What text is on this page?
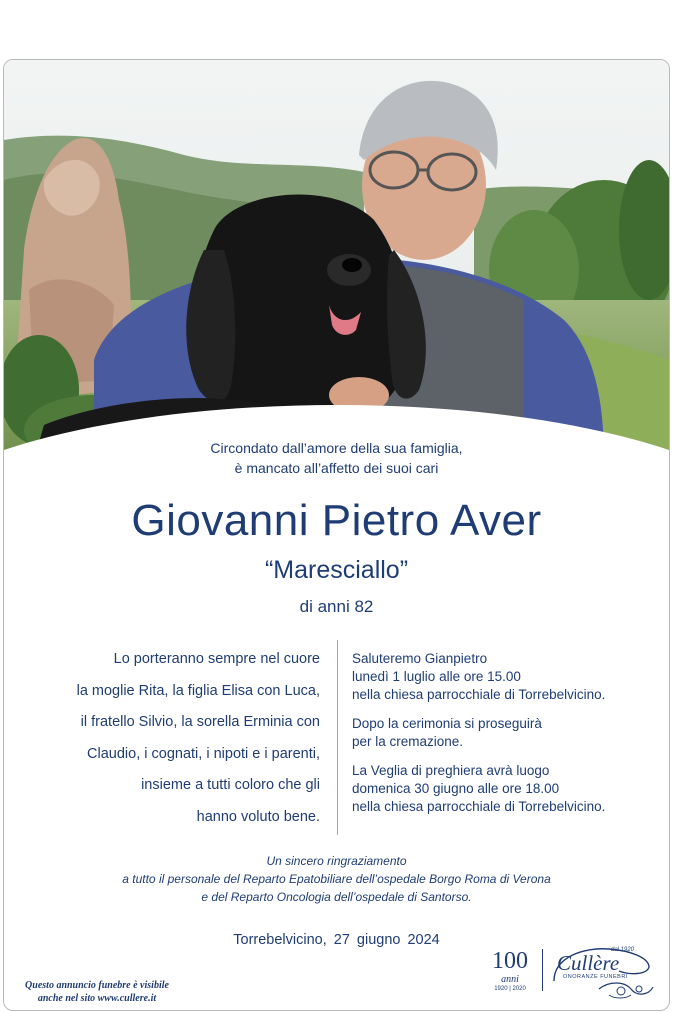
Circondato dall’amore della sua famiglia,
è mancato all’affetto dei suoi cari
Giovanni Pietro Aver
“Maresciallo”
di anni 82
Lo porteranno sempre nel cuore
la moglie Rita, la figlia Elisa con Luca,
il fratello Silvio, la sorella Erminia con
Claudio, i cognati, i nipoti e i parenti,
insieme a tutti coloro che gli
hanno voluto bene.

Saluteremo Gianpietro
lunedì 1 luglio alle ore 15.00
nella chiesa parrocchiale di Torrebelvicino.

Dopo la cerimonia si proseguirà
per la cremazione.

La Veglia di preghiera avrà luogo
domenica 30 giugno alle ore 18.00
nella chiesa parrocchiale di Torrebelvicino.

Un sincero ringraziamento
a tutto il personale del Reparto Epatobiliare dell’ospedale Borgo Roma di Verona
e del Reparto Oncologia dell’ospedale di Santorso.
Torrebelvicino, 27 giugno 2024
Questo annuncio funebre è visibile
anche nel sito www.cullere.it
100
anni
1920 | 2020
dal 1920
Cullère
ONORANZE FUNEBRI
